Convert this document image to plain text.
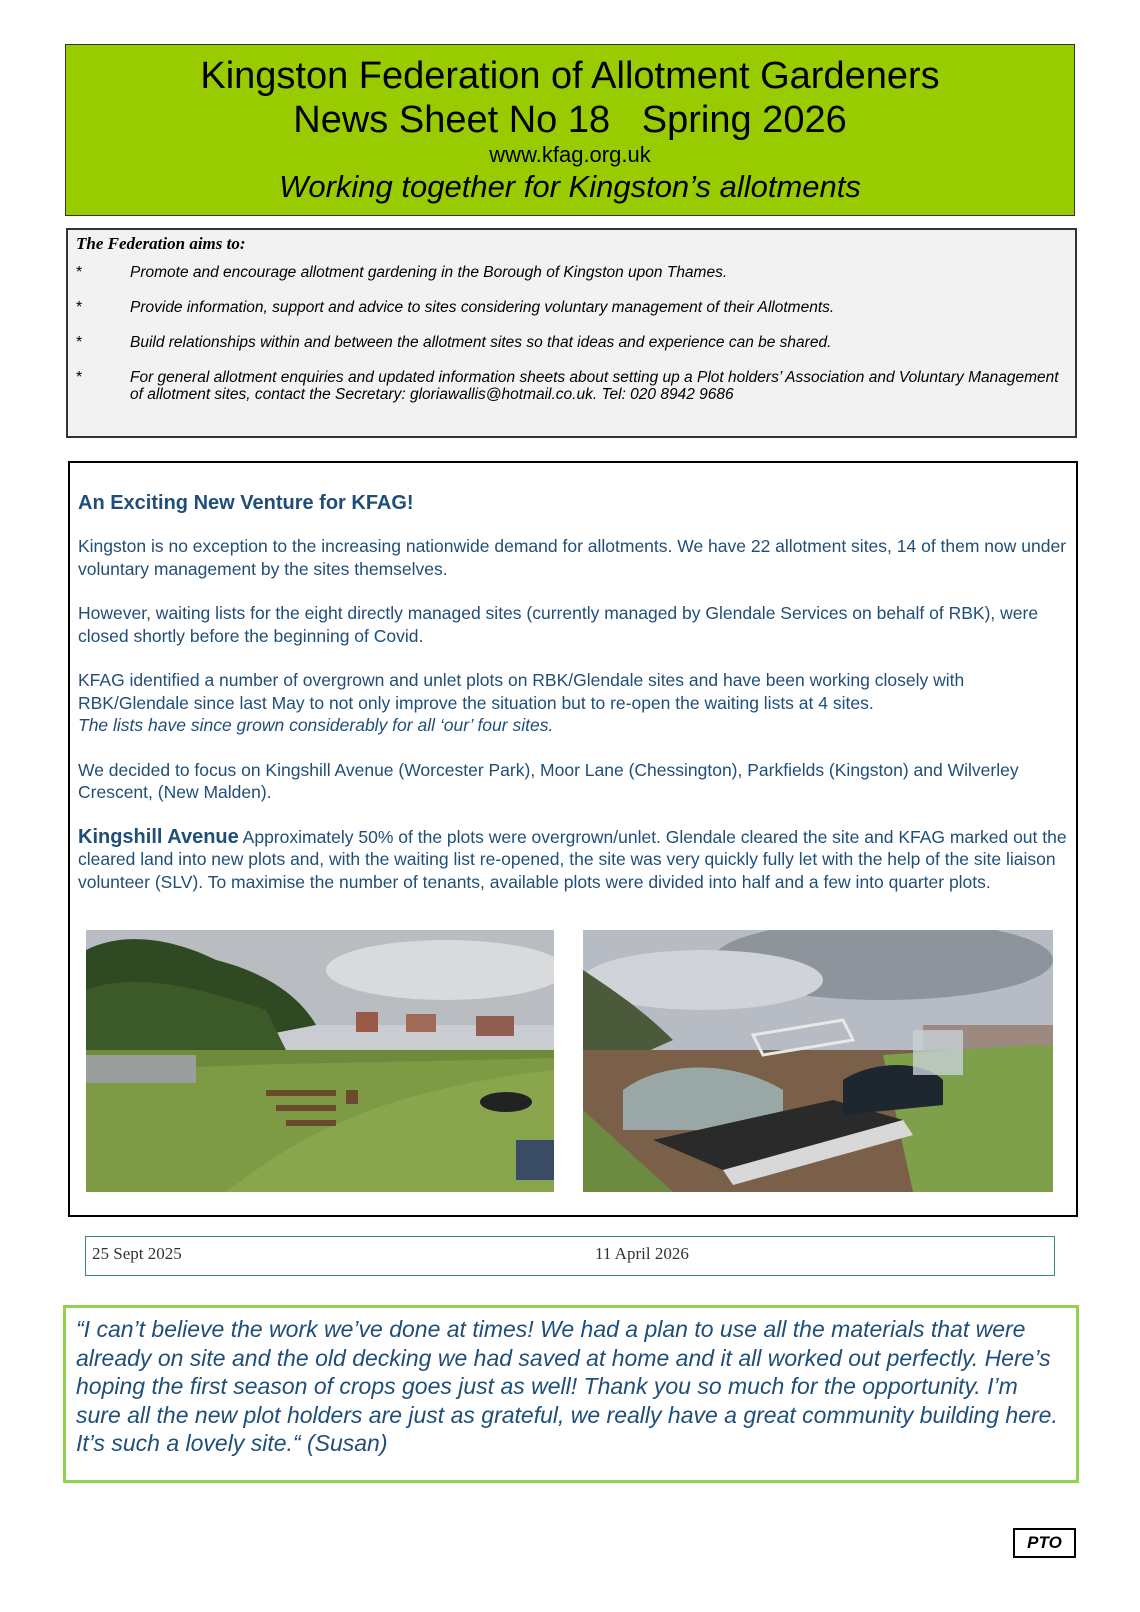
Kingston Federation of Allotment Gardeners
News Sheet No 18   Spring 2026
www.kfag.org.uk
Working together for Kingston’s allotments
The Federation aims to:
*	Promote and encourage allotment gardening in the Borough of Kingston upon Thames.
*	Provide information, support and advice to sites considering voluntary management of their Allotments.
*	Build relationships within and between the allotment sites so that ideas and experience can be shared.
*	For general allotment enquiries and updated information sheets about setting up a Plot holders’ Association and Voluntary Management of allotment sites, contact the Secretary: gloriawallis@hotmail.co.uk. Tel: 020 8942 9686
An Exciting New Venture for KFAG!

Kingston is no exception to the increasing nationwide demand for allotments. We have 22 allotment sites, 14 of them now under voluntary management by the sites themselves.

However, waiting lists for the eight directly managed sites (currently managed by Glendale Services on behalf of RBK), were closed shortly before the beginning of Covid.

KFAG identified a number of overgrown and unlet plots on RBK/Glendale sites and have been working closely with RBK/Glendale since last May to not only improve the situation but to re-open the waiting lists at 4 sites.
The lists have since grown considerably for all ‘our’ four sites.

We decided to focus on Kingshill Avenue (Worcester Park), Moor Lane (Chessington), Parkfields (Kingston) and Wilverley Crescent, (New Malden).

Kingshill Avenue Approximately 50% of the plots were overgrown/unlet. Glendale cleared the site and KFAG marked out the cleared land into new plots and, with the waiting list re-opened, the site was very quickly fully let with the help of the site liaison volunteer (SLV). To maximise the number of tenants, available plots were divided into half and a few into quarter plots.

25 Sept 2025	11 April 2026
“I can’t believe the work we’ve done at times! We had a plan to use all the materials that were already on site and the old decking we had saved at home and it all worked out perfectly. Here’s hoping the first season of crops goes just as well! Thank you so much for the opportunity. I’m sure all the new plot holders are just as grateful, we really have a great community building here. It’s such a lovely site.“ (Susan)
PTO
